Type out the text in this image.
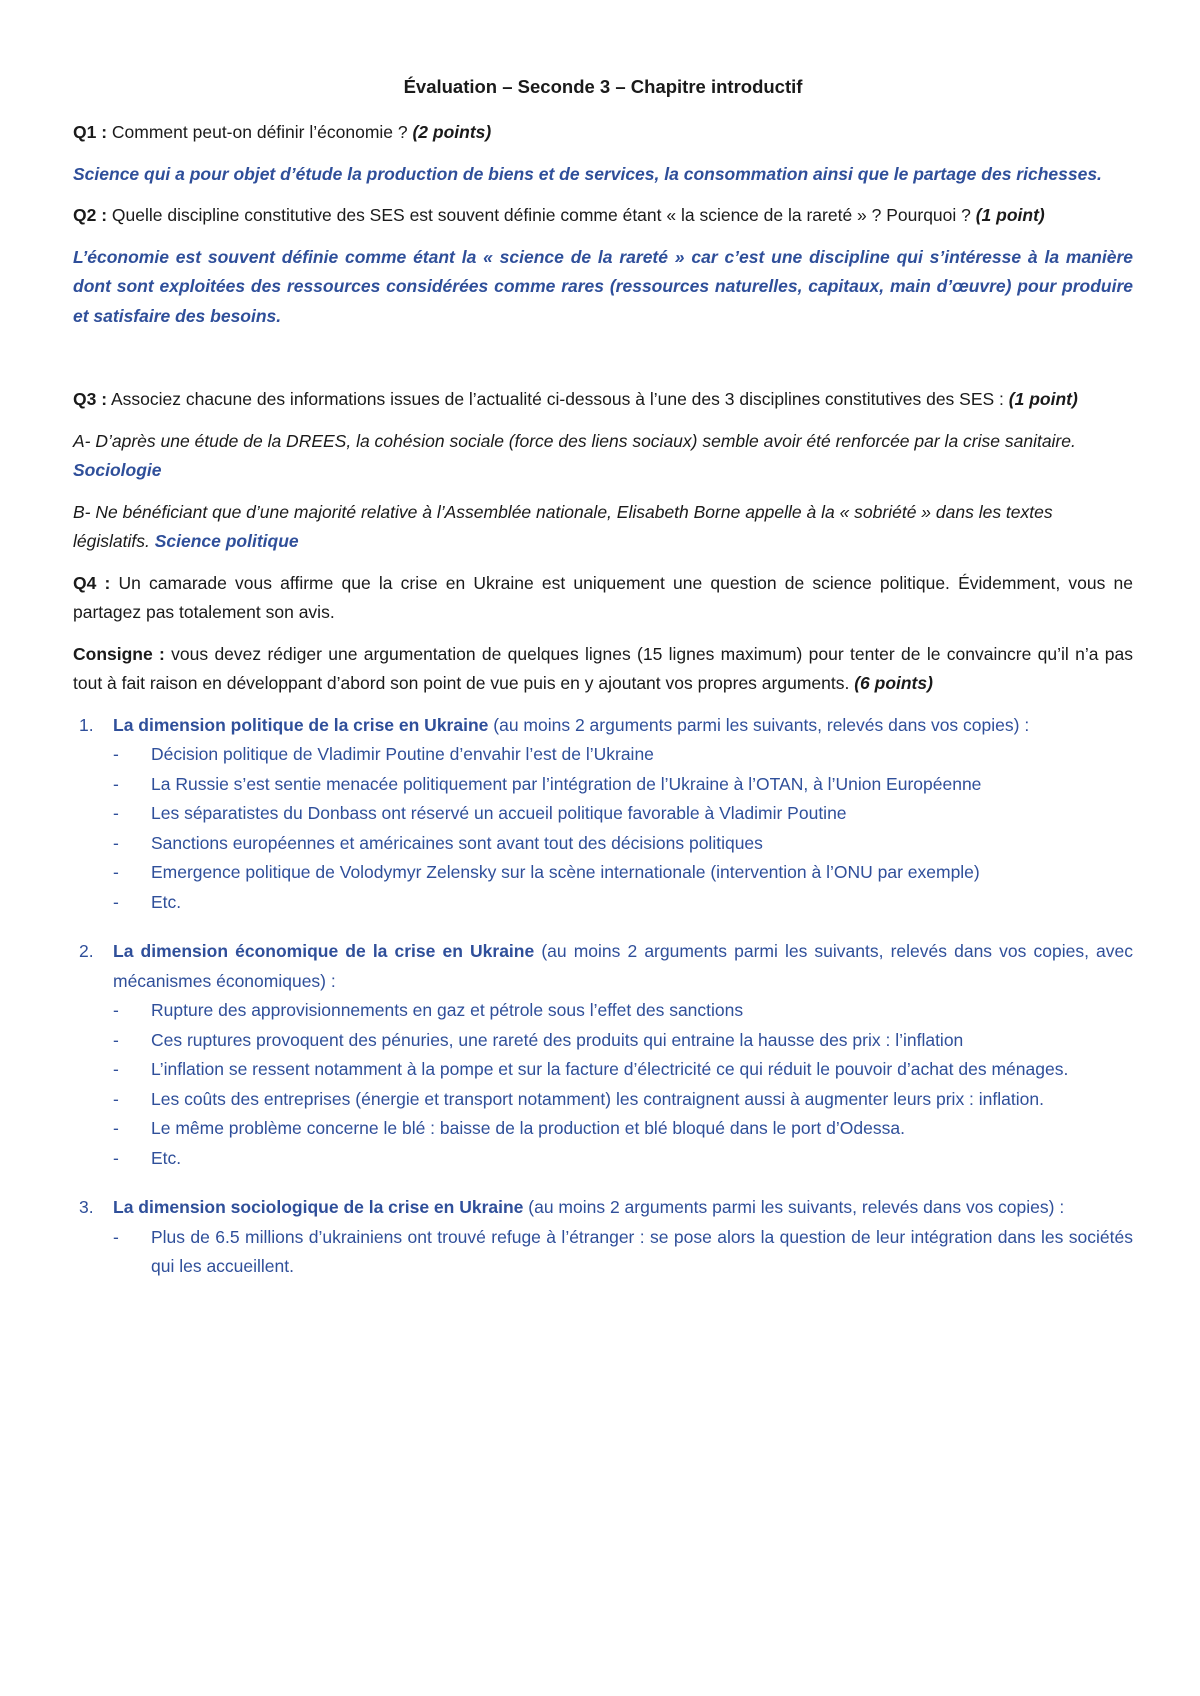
Évaluation – Seconde 3 – Chapitre introductif

Q1 : Comment peut-on définir l’économie ? (2 points)

Science qui a pour objet d’étude la production de biens et de services, la consommation ainsi que le partage des richesses.

Q2 : Quelle discipline constitutive des SES est souvent définie comme étant « la science de la rareté » ? Pourquoi ? (1 point)

L’économie est souvent définie comme étant la « science de la rareté » car c’est une discipline qui s’intéresse à la manière dont sont exploitées des ressources considérées comme rares (ressources naturelles, capitaux, main d’œuvre) pour produire et satisfaire des besoins.

Q3 : Associez chacune des informations issues de l’actualité ci-dessous à l’une des 3 disciplines constitutives des SES : (1 point)

A- D’après une étude de la DREES, la cohésion sociale (force des liens sociaux) semble avoir été renforcée par la crise sanitaire. Sociologie

B- Ne bénéficiant que d’une majorité relative à l’Assemblée nationale, Elisabeth Borne appelle à la « sobriété » dans les textes législatifs. Science politique

Q4 : Un camarade vous affirme que la crise en Ukraine est uniquement une question de science politique. Évidemment, vous ne partagez pas totalement son avis.

Consigne : vous devez rédiger une argumentation de quelques lignes (15 lignes maximum) pour tenter de le convaincre qu’il n’a pas tout à fait raison en développant d’abord son point de vue puis en y ajoutant vos propres arguments. (6 points)

1. La dimension politique de la crise en Ukraine (au moins 2 arguments parmi les suivants, relevés dans vos copies) :
- Décision politique de Vladimir Poutine d’envahir l’est de l’Ukraine
- La Russie s’est sentie menacée politiquement par l’intégration de l’Ukraine à l’OTAN, à l’Union Européenne
- Les séparatistes du Donbass ont réservé un accueil politique favorable à Vladimir Poutine
- Sanctions européennes et américaines sont avant tout des décisions politiques
- Emergence politique de Volodymyr Zelensky sur la scène internationale (intervention à l’ONU par exemple)
- Etc.
2. La dimension économique de la crise en Ukraine (au moins 2 arguments parmi les suivants, relevés dans vos copies, avec mécanismes économiques) :
- Rupture des approvisionnements en gaz et pétrole sous l’effet des sanctions
- Ces ruptures provoquent des pénuries, une rareté des produits qui entraine la hausse des prix : l’inflation
- L’inflation se ressent notamment à la pompe et sur la facture d’électricité ce qui réduit le pouvoir d’achat des ménages.
- Les coûts des entreprises (énergie et transport notamment) les contraignent aussi à augmenter leurs prix : inflation.
- Le même problème concerne le blé : baisse de la production et blé bloqué dans le port d’Odessa.
- Etc.
3. La dimension sociologique de la crise en Ukraine (au moins 2 arguments parmi les suivants, relevés dans vos copies) :
- Plus de 6.5 millions d’ukrainiens ont trouvé refuge à l’étranger : se pose alors la question de leur intégration dans les sociétés qui les accueillent.
